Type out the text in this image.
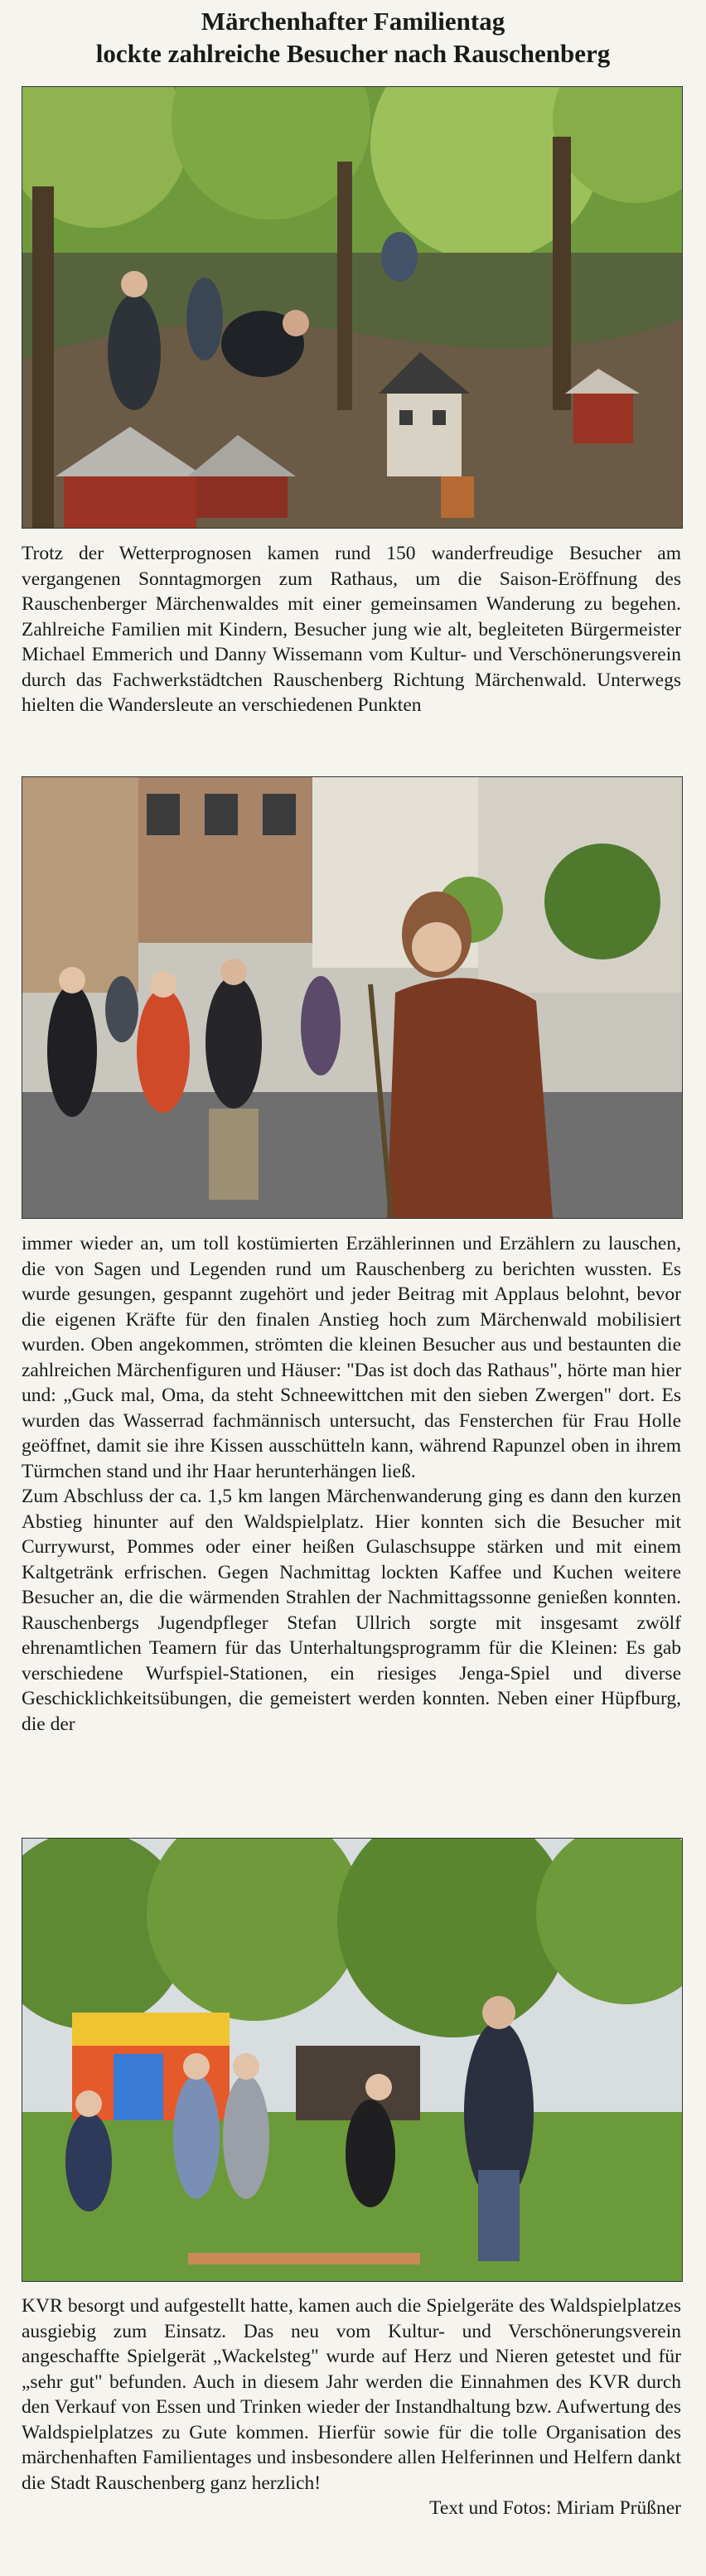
Märchenhafter Familientag
lockte zahlreiche Besucher nach Rauschenberg
Trotz der Wetterprognosen kamen rund 150 wanderfreudige Besucher am vergangenen Sonntagmorgen zum Rathaus, um die Saison-Eröffnung des Rauschenberger Märchenwaldes mit einer gemeinsamen Wanderung zu begehen. Zahlreiche Familien mit Kindern, Besucher jung wie alt, begleiteten Bürgermeister Michael Emmerich und Danny Wissemann vom Kultur- und Verschönerungsverein durch das Fachwerkstädtchen Rauschenberg Richtung Märchenwald. Unterwegs hielten die Wandersleute an verschiedenen Punkten
immer wieder an, um toll kostümierten Erzählerinnen und Erzählern zu lauschen, die von Sagen und Legenden rund um Rauschenberg zu berichten wussten. Es wurde gesungen, gespannt zugehört und jeder Beitrag mit Applaus belohnt, bevor die eigenen Kräfte für den finalen Anstieg hoch zum Märchenwald mobilisiert wurden. Oben angekommen, strömten die kleinen Besucher aus und bestaunten die zahlreichen Märchenfiguren und Häuser: "Das ist doch das Rathaus", hörte man hier und: „Guck mal, Oma, da steht Schneewittchen mit den sieben Zwergen" dort. Es wurden das Wasserrad fachmännisch untersucht, das Fensterchen für Frau Holle geöffnet, damit sie ihre Kissen ausschütteln kann, während Rapunzel oben in ihrem Türmchen stand und ihr Haar herunterhängen ließ.
Zum Abschluss der ca. 1,5 km langen Märchenwanderung ging es dann den kurzen Abstieg hinunter auf den Waldspielplatz. Hier konnten sich die Besucher mit Currywurst, Pommes oder einer heißen Gulaschsuppe stärken und mit einem Kaltgetränk erfrischen. Gegen Nachmittag lockten Kaffee und Kuchen weitere Besucher an, die die wärmenden Strahlen der Nachmittagssonne genießen konnten. Rauschenbergs Jugendpfleger Stefan Ullrich sorgte mit insgesamt zwölf ehrenamtlichen Teamern für das Unterhaltungsprogramm für die Kleinen: Es gab verschiedene Wurfspiel-Stationen, ein riesiges Jenga-Spiel und diverse Geschicklichkeitsübungen, die gemeistert werden konnten. Neben einer Hüpfburg, die der
KVR besorgt und aufgestellt hatte, kamen auch die Spielgeräte des Waldspielplatzes ausgiebig zum Einsatz. Das neu vom Kultur- und Verschönerungsverein angeschaffte Spielgerät „Wackelsteg" wurde auf Herz und Nieren getestet und für „sehr gut" befunden. Auch in diesem Jahr werden die Einnahmen des KVR durch den Verkauf von Essen und Trinken wieder der Instandhaltung bzw. Aufwertung des Waldspielplatzes zu Gute kommen. Hierfür sowie für die tolle Organisation des märchenhaften Familientages und insbesondere allen Helferinnen und Helfern dankt die Stadt Rauschenberg ganz herzlich!
Text und Fotos: Miriam Prüßner
